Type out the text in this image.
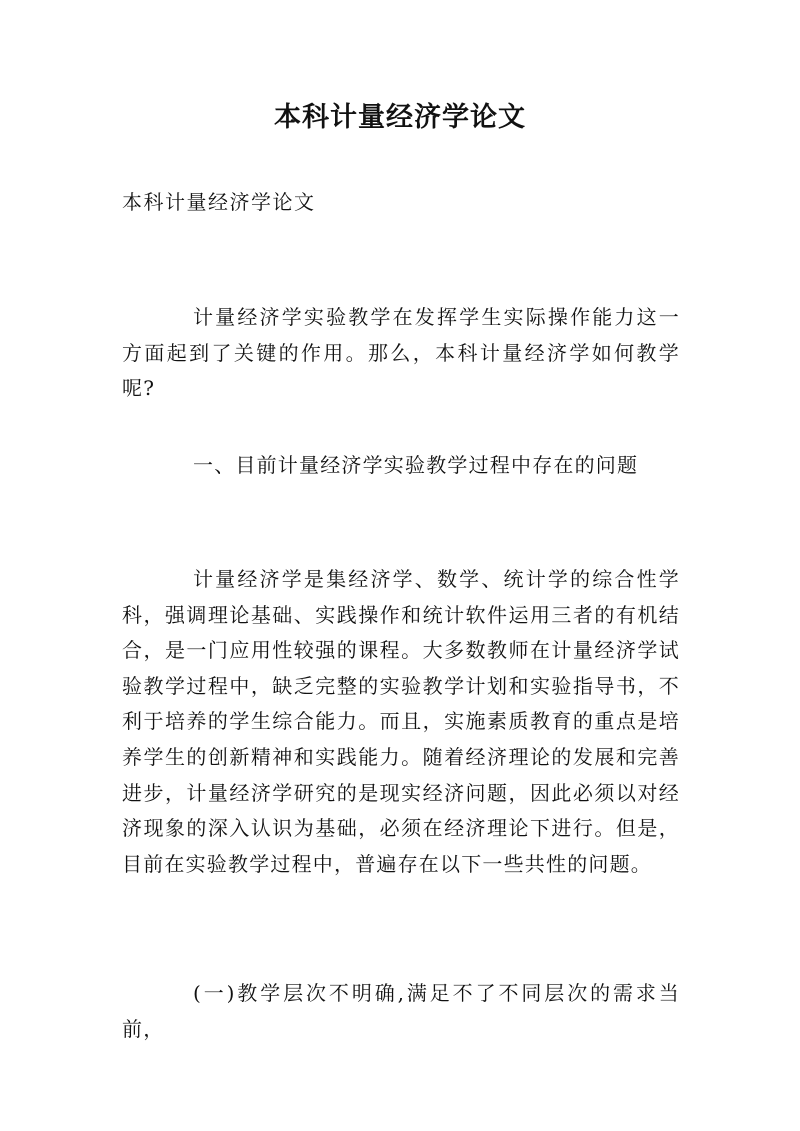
本科计量经济学论文

本科计量经济学论文

计量经济学实验教学在发挥学生实际操作能力这一方面起到了关键的作用。那么，本科计量经济学如何教学呢?

一、目前计量经济学实验教学过程中存在的问题

计量经济学是集经济学、数学、统计学的综合性学科，强调理论基础、实践操作和统计软件运用三者的有机结合，是一门应用性较强的课程。大多数教师在计量经济学试验教学过程中，缺乏完整的实验教学计划和实验指导书，不利于培养的学生综合能力。而且，实施素质教育的重点是培养学生的创新精神和实践能力。随着经济理论的发展和完善进步，计量经济学研究的是现实经济问题，因此必须以对经济现象的深入认识为基础，必须在经济理论下进行。但是，目前在实验教学过程中，普遍存在以下一些共性的问题。

(一)教学层次不明确,满足不了不同层次的需求当前，
